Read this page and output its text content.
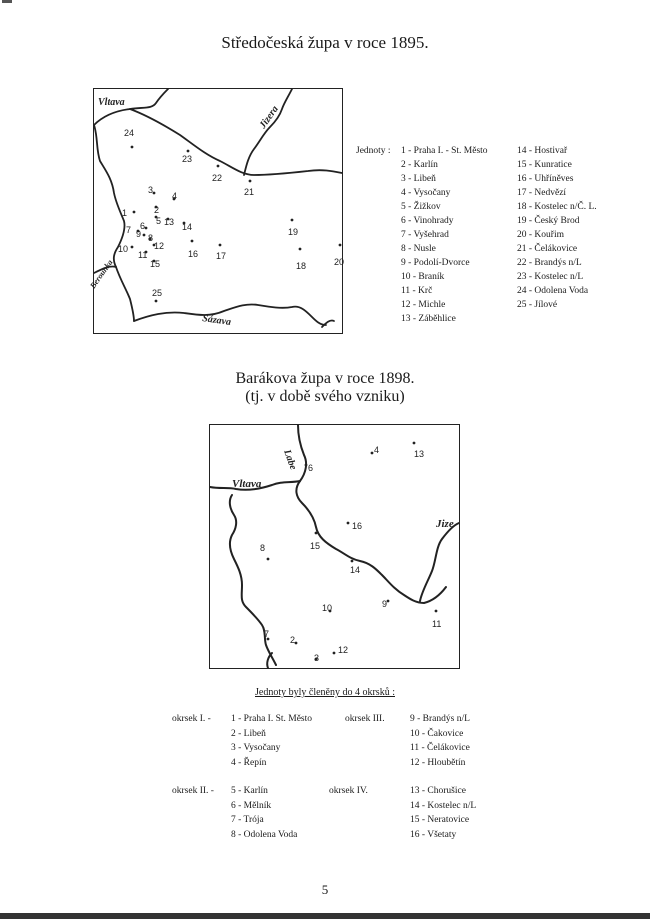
Středočeská župa v roce 1895.
Vltava
Jizera
Sázava
Berounka
24
23
22
21
3
4
2
1
5 13 14
6
7 9 8
10
11
12
15
16 17
19
18
25
20
Jednoty : 1 - Praha I. - St. Město
2 - Karlín
3 - Libeň
4 - Vysočany
5 - Žižkov
6 - Vinohrady
7 - Vyšehrad
8 - Nusle
9 - Podolí-Dvorce
10 - Braník
11 - Krč
12 - Michle
13 - Záběhlice
14 - Hostivař
15 - Kunratice
16 - Uhříněves
17 - Nedvězí
18 - Kostelec n/Č. L.
19 - Český Brod
20 - Kouřim
21 - Čelákovice
22 - Brandýs n/L
23 - Kostelec n/L
24 - Odolena Voda
25 - Jílové
Barákova župa v roce 1898.
(tj. v době svého vzniku)
Labe
Vltava
Jize
4	13
6
16
8	15
14
9
10
11
7
2
3
12
Jednoty byly členěny do 4 okrsků :
okrsek I. - 1 - Praha I. St. Město
2 - Libeň
3 - Vysočany
4 - Řepín
okrsek III.	9 - Brandýs n/L
10 - Čakovice
11 - Čelákovice
12 - Hloubětín
okrsek II. - 5 - Karlín
6 - Mělník
7 - Trója
8 - Odolena Voda
okrsek IV.	13 - Chorušice
14 - Kostelec n/L
15 - Neratovice
16 - Všetaty
5
